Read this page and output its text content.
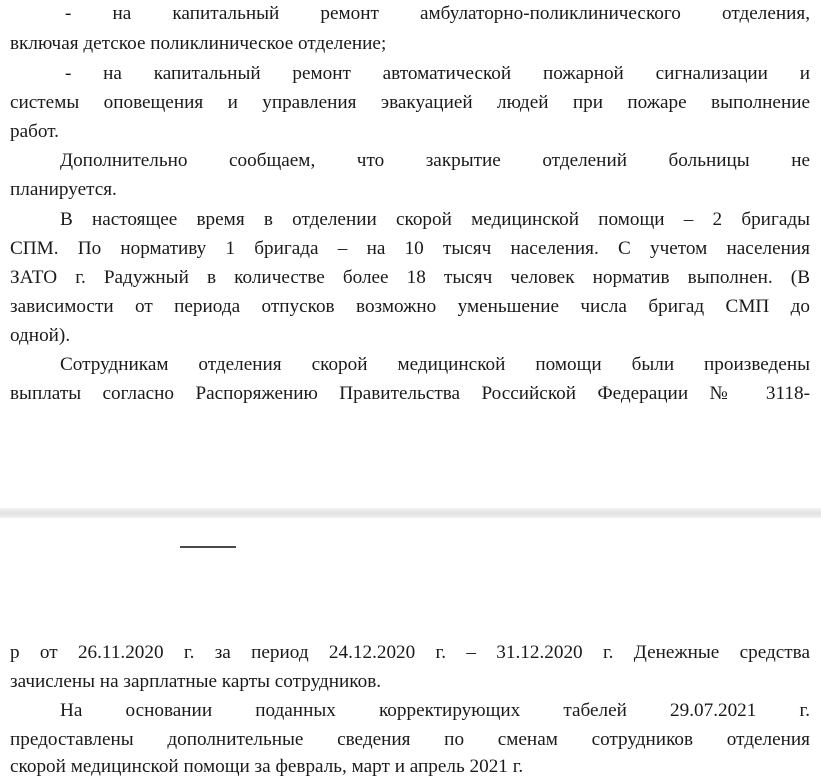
- на капитальный ремонт амбулаторно-поликлинического отделения,
включая детское поликлиническое отделение;
- на капитальный ремонт автоматической пожарной сигнализации и
системы оповещения и управления эвакуацией людей при пожаре выполнение
работ.
Дополнительно сообщаем, что закрытие отделений больницы не
планируется.
В настоящее время в отделении скорой медицинской помощи – 2 бригады
СПМ. По нормативу 1 бригада – на 10 тысяч населения. С учетом населения
ЗАТО г. Радужный в количестве более 18 тысяч человек норматив выполнен. (В
зависимости от периода отпусков возможно уменьшение числа бригад СМП до
одной).
Сотрудникам отделения скорой медицинской помощи были произведены
выплаты согласно Распоряжению Правительства Российской Федерации № 3118-
р от 26.11.2020 г. за период 24.12.2020 г. – 31.12.2020 г. Денежные средства
зачислены на зарплатные карты сотрудников.
На основании поданных корректирующих табелей 29.07.2021 г.
предоставлены дополнительные сведения по сменам сотрудников отделения
скорой медицинской помощи за февраль, март и апрель 2021 г.
